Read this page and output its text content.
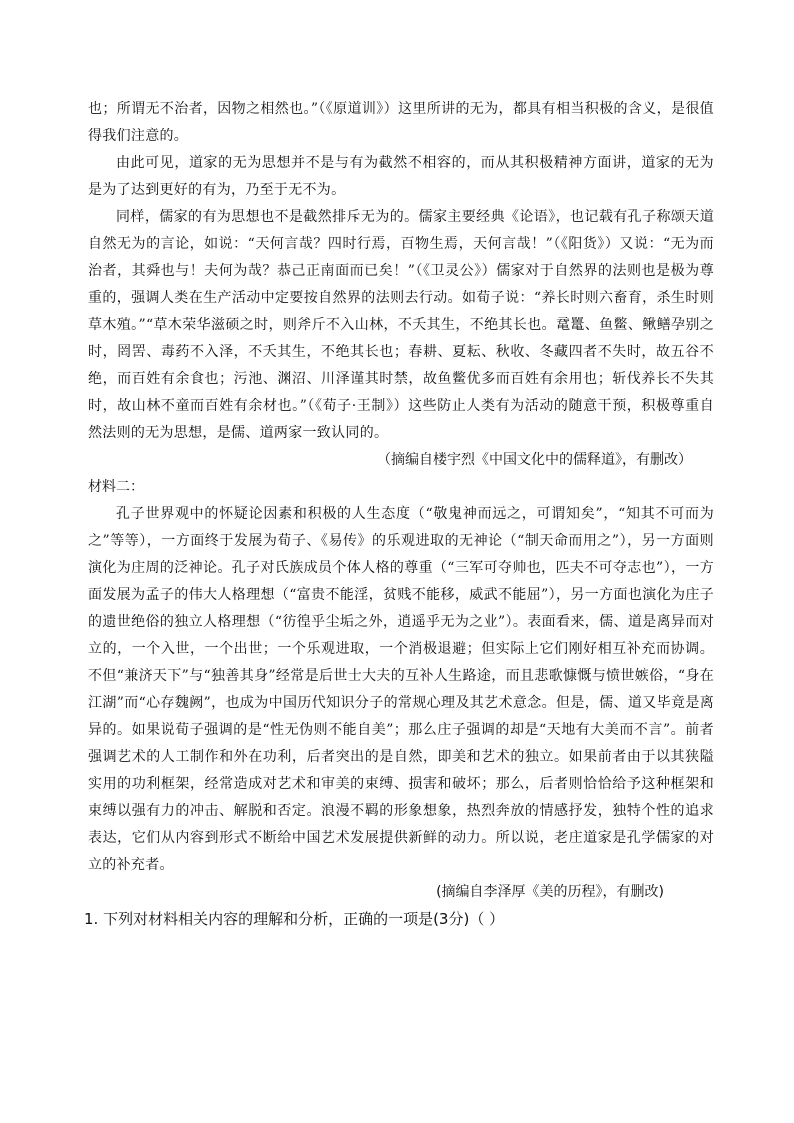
也；所谓无不治者，因物之相然也。”（《原道训》）这里所讲的无为，都具有相当积极的含义，是很值得我们注意的。

由此可见，道家的无为思想并不是与有为截然不相容的，而从其积极精神方面讲，道家的无为是为了达到更好的有为，乃至于无不为。

同样，儒家的有为思想也不是截然排斥无为的。儒家主要经典《论语》，也记载有孔子称颂天道自然无为的言论，如说：“天何言哉？四时行焉，百物生焉，天何言哉！”（《阳货》）又说：“无为而治者，其舜也与！夫何为哉？恭己正南面而已矣！”（《卫灵公》）儒家对于自然界的法则也是极为尊重的，强调人类在生产活动中定要按自然界的法则去行动。如荀子说：“养长时则六畜育，杀生时则草木殖。”“草木荣华滋硕之时，则斧斤不入山林，不夭其生，不绝其长也。鼋鼍、鱼鳖、鳅鳝孕别之时，罔罟、毒药不入泽，不夭其生，不绝其长也；春耕、夏耘、秋收、冬藏四者不失时，故五谷不绝，而百姓有余食也；污池、渊沼、川泽谨其时禁，故鱼鳖优多而百姓有余用也；斩伐养长不失其时，故山林不童而百姓有余材也。”（《荀子·王制》）这些防止人类有为活动的随意干预，积极尊重自然法则的无为思想，是儒、道两家一致认同的。

（摘编自楼宇烈《中国文化中的儒释道》，有删改）

材料二：

孔子世界观中的怀疑论因素和积极的人生态度（“敬鬼神而远之，可谓知矣”，“知其不可而为之”等等），一方面终于发展为荀子、《易传》的乐观进取的无神论（“制天命而用之”），另一方面则演化为庄周的泛神论。孔子对氏族成员个体人格的尊重（“三军可夺帅也，匹夫不可夺志也”），一方面发展为孟子的伟大人格理想（“富贵不能淫，贫贱不能移，威武不能屈”），另一方面也演化为庄子的遗世绝俗的独立人格理想（“彷徨乎尘垢之外，逍遥乎无为之业”）。表面看来，儒、道是离异而对立的，一个入世，一个出世；一个乐观进取，一个消极退避；但实际上它们刚好相互补充而协调。不但“兼济天下”与“独善其身”经常是后世士大夫的互补人生路途，而且悲歌慷慨与愤世嫉俗，“身在江湖”而“心存魏阙”，也成为中国历代知识分子的常规心理及其艺术意念。但是，儒、道又毕竟是离异的。如果说荀子强调的是“性无伪则不能自美”；那么庄子强调的却是“天地有大美而不言”。前者强调艺术的人工制作和外在功利，后者突出的是自然，即美和艺术的独立。如果前者由于以其狭隘实用的功利框架，经常造成对艺术和审美的束缚、损害和破坏；那么，后者则恰恰给予这种框架和束缚以强有力的冲击、解脱和否定。浪漫不羁的形象想象，热烈奔放的情感抒发，独特个性的追求表达，它们从内容到形式不断给中国艺术发展提供新鲜的动力。所以说，老庄道家是孔学儒家的对立的补充者。

(摘编自李泽厚《美的历程》，有删改)

1. 下列对材料相关内容的理解和分析，正确的一项是(3分)（ ）
